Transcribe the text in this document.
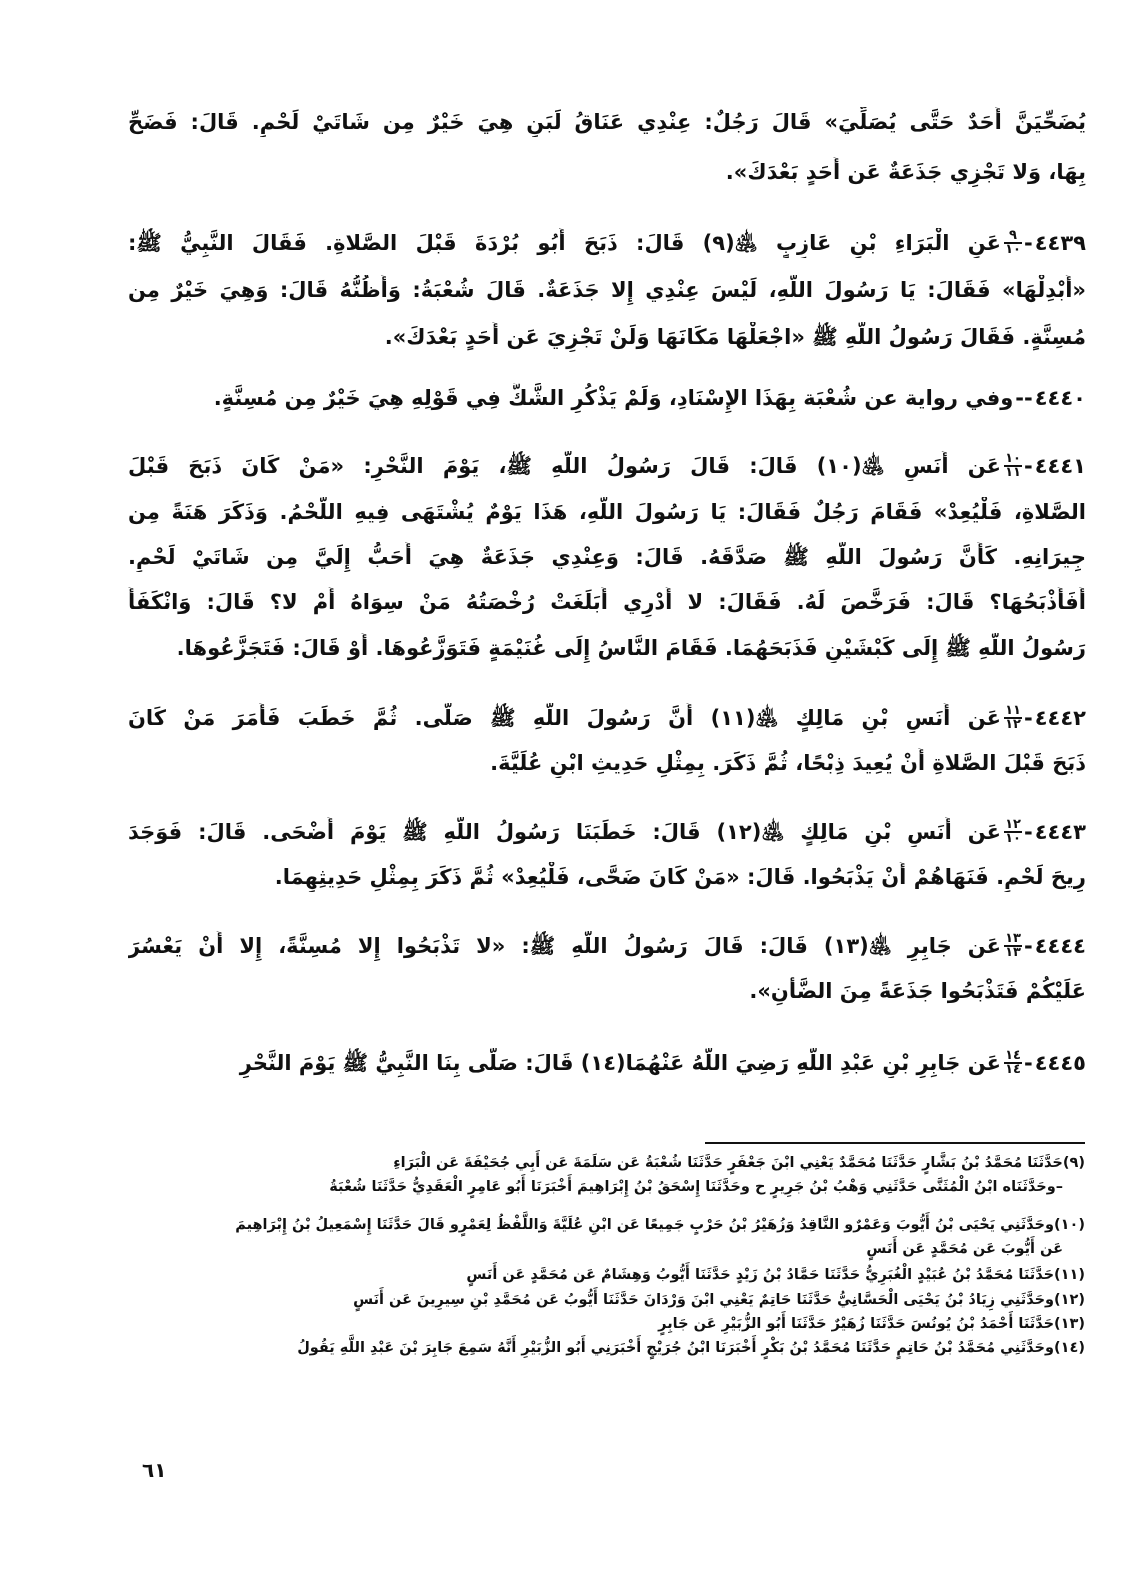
٦١
يُضَحِّيَنَّ أَحَدٌ حَتَّى يُصَلِّيَ» قَالَ رَجُلٌ: عِنْدِي عَنَاقُ لَبَنٍ هِيَ خَيْرٌ مِن شَاتَيْ لَحْمٍ. قَالَ: فَضَحِّ
بِهَا، وَلا تَجْزِي جَذَعَةٌ عَن أَحَدٍ بَعْدَكَ».
٤٤٣٩
-
$\frac{٩}{١٠}$
عَنِ الْبَرَاءِ بْنِ عَازِبٍ ﵁(٩) قَالَ: ذَبَحَ أَبُو بُرْدَةَ قَبْلَ الصَّلاةِ. فَقَالَ النَّبِيُّ ﷺ:
«أَبْدِلْهَا» فَقَالَ: يَا رَسُولَ اللَّهِ، لَيْسَ عِنْدِي إِلا جَذَعَةٌ. قَالَ شُعْبَةُ: وَأَظُنُّهُ قَالَ: وَهِيَ خَيْرٌ مِن
مُسِنَّةٍ. فَقَالَ رَسُولُ اللَّهِ ﷺ «اجْعَلْهَا مَكَانَهَا وَلَنْ تَجْزِيَ عَن أَحَدٍ بَعْدَكَ».
٤٤٤٠
--
وفي رواية عن شُعْبَة بِهَذَا الإِسْنَادِ، وَلَمْ يَذْكُرِ الشَّكَّ فِي قَوْلِهِ هِيَ خَيْرٌ مِن مُسِنَّةٍ.
٤٤٤١
-
$\frac{١٠}{١١}$
عَن أَنَسٍ ﵁(١٠) قَالَ: قَالَ رَسُولُ اللَّهِ ﷺ، يَوْمَ النَّحْرِ: «مَنْ كَانَ ذَبَحَ قَبْلَ
الصَّلاةِ، فَلْيُعِدْ» فَقَامَ رَجُلٌ فَقَالَ: يَا رَسُولَ اللَّهِ، هَذَا يَوْمٌ يُشْتَهَى فِيهِ اللَّحْمُ. وَذَكَرَ هَنَةً مِن
جِيرَانِهِ. كَأَنَّ رَسُولَ اللَّهِ ﷺ صَدَّقَهُ. قَالَ: وَعِنْدِي جَذَعَةٌ هِيَ أَحَبُّ إِلَيَّ مِن شَاتَيْ لَحْمٍ.
أَفَأَذْبَحُهَا؟ قَالَ: فَرَخَّصَ لَهُ. فَقَالَ: لا أَدْرِي أَبَلَغَتْ رُخْصَتُهُ مَنْ سِوَاهُ أَمْ لا؟ قَالَ: وَانْكَفَأَ
رَسُولُ اللَّهِ ﷺ إِلَى كَبْشَيْنِ فَذَبَحَهُمَا. فَقَامَ النَّاسُ إِلَى غُنَيْمَةٍ فَتَوَزَّعُوهَا. أَوْ قَالَ: فَتَجَزَّعُوهَا.
٤٤٤٢
-
$\frac{١١}{١٢}$
عَن أَنَسِ بْنِ مَالِكٍ ﵁(١١) أَنَّ رَسُولَ اللَّهِ ﷺ صَلَّى. ثُمَّ خَطَبَ فَأَمَرَ مَنْ كَانَ
ذَبَحَ قَبْلَ الصَّلاةِ أَنْ يُعِيدَ ذِبْحًا، ثُمَّ ذَكَرَ. بِمِثْلِ حَدِيثِ ابْنِ عُلَيَّةَ.
٤٤٤٣
-
$\frac{١٢}{١٠}$
عَن أَنَسِ بْنِ مَالِكٍ ﵁(١٢) قَالَ: خَطَبَنَا رَسُولُ اللَّهِ ﷺ يَوْمَ أَضْحَى. قَالَ: فَوَجَدَ
رِيحَ لَحْمٍ. فَنَهَاهُمْ أَنْ يَذْبَحُوا. قَالَ: «مَنْ كَانَ ضَحَّى، فَلْيُعِدْ» ثُمَّ ذَكَرَ بِمِثْلِ حَدِيثِهِمَا.
٤٤٤٤
-
$\frac{١٣}{١٣}$
عَن جَابِرٍ ﵁(١٣) قَالَ: قَالَ رَسُولُ اللَّهِ ﷺ: «لا تَذْبَحُوا إِلا مُسِنَّةً، إِلا أَنْ يَعْسُرَ
عَلَيْكُمْ فَتَذْبَحُوا جَذَعَةً مِنَ الضَّأْنِ».
٤٤٤٥
-
$\frac{١٤}{١٤}$
عَن جَابِرِ بْنِ عَبْدِ اللَّهِ رَضِيَ اللَّهُ عَنْهُمَا(١٤) قَالَ: صَلَّى بِنَا النَّبِيُّ ﷺ يَوْمَ النَّحْرِ
(٩)حَدَّثَنَا مُحَمَّدُ بْنُ بَشَّارٍ حَدَّثَنَا مُحَمَّدٌ يَعْنِي ابْنَ جَعْفَرٍ حَدَّثَنَا شُعْبَةُ عَن سَلَمَةَ عَن أَبِي جُحَيْفَةَ عَن الْبَرَاءِ
–وحَدَّثَنَاه ابْنُ الْمُثَنَّى حَدَّثَنِي وَهْبُ بْنُ جَرِيرٍ ح وحَدَّثَنَا إِسْحَقُ بْنُ إِبْرَاهِيمَ أَخْبَرَنَا أَبُو عَامِرٍ الْعَقَدِيُّ حَدَّثَنَا شُعْبَةُ
(١٠)وحَدَّثَنِي يَحْيَى بْنُ أَيُّوبَ وَعَمْرٌو النَّاقِدُ وَزُهَيْرُ بْنُ حَرْبٍ جَمِيعًا عَن ابْنِ عُلَيَّةَ وَاللَّفْظُ لِعَمْرٍو قَالَ حَدَّثَنَا إِسْمَعِيلُ بْنُ إِبْرَاهِيمَ
عَن أَيُّوبَ عَن مُحَمَّدٍ عَن أَنَسٍ
(١١)حَدَّثَنَا مُحَمَّدُ بْنُ عُبَيْدٍ الْغُبَرِيُّ حَدَّثَنَا حَمَّادُ بْنُ زَيْدٍ حَدَّثَنَا أَيُّوبُ وَهِشَامٌ عَن مُحَمَّدٍ عَن أَنَسٍ
(١٢)وحَدَّثَنِي زِيَادُ بْنُ يَحْيَى الْحَسَّانِيُّ حَدَّثَنَا حَاتِمٌ يَعْنِي ابْنَ وَرْدَانَ حَدَّثَنَا أَيُّوبُ عَن مُحَمَّدِ بْنِ سِيرِينَ عَن أَنَسٍ
(١٣)حَدَّثَنَا أَحْمَدُ بْنُ يُونُسَ حَدَّثَنَا زُهَيْرٌ حَدَّثَنَا أَبُو الزُّبَيْرِ عَن جَابِرٍ
(١٤)وحَدَّثَنِي مُحَمَّدُ بْنُ حَاتِمٍ حَدَّثَنَا مُحَمَّدُ بْنُ بَكْرٍ أَخْبَرَنَا ابْنُ جُرَيْجٍ أَخْبَرَنِي أَبُو الزُّبَيْرِ أَنَّهُ سَمِعَ جَابِرَ بْنَ عَبْدِ اللَّهِ يَقُولُ
